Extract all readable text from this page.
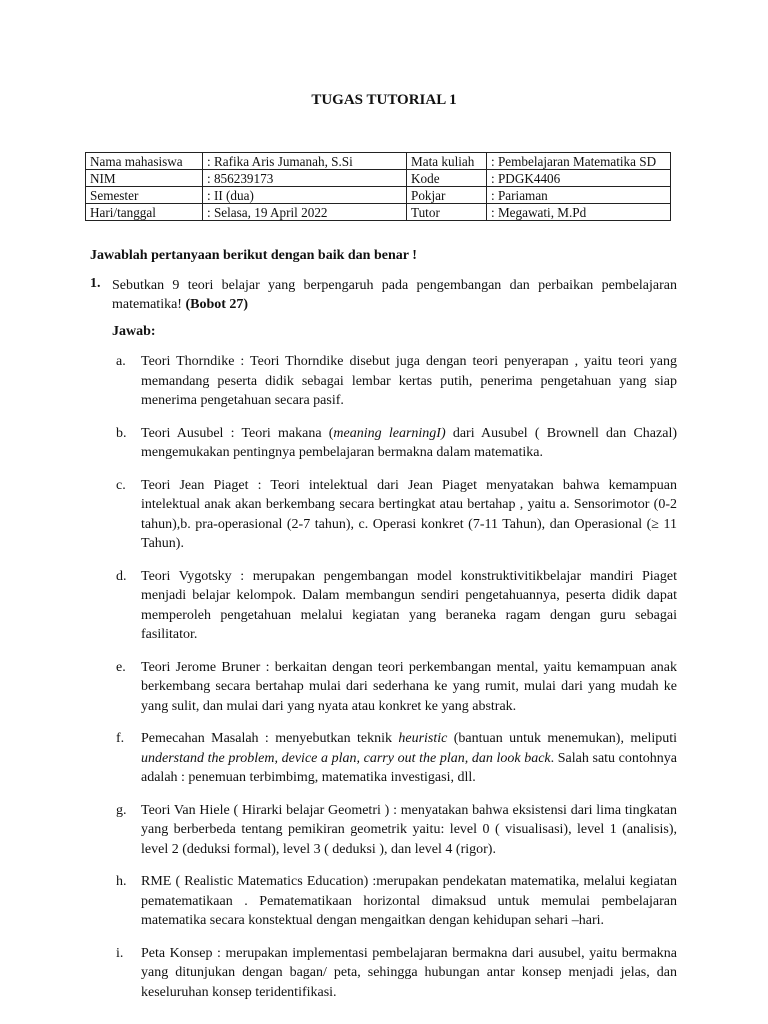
TUGAS TUTORIAL 1
Nama mahasiswa	: Rafika Aris Jumanah, S.Si	Mata kuliah	: Pembelajaran Matematika SD
NIM	: 856239173	Kode	: PDGK4406
Semester	: II (dua)	Pokjar	: Pariaman
Hari/tanggal	: Selasa, 19 April 2022	Tutor	: Megawati, M.Pd
Jawablah pertanyaan berikut dengan baik dan benar !
1. Sebutkan 9 teori belajar yang berpengaruh pada pengembangan dan perbaikan pembelajaran matematika! (Bobot 27)
Jawab:
a. Teori Thorndike : Teori Thorndike disebut juga dengan teori penyerapan , yaitu teori yang memandang peserta didik sebagai lembar kertas putih, penerima pengetahuan yang siap menerima pengetahuan secara pasif.
b. Teori Ausubel : Teori makana (meaning learningI) dari Ausubel ( Brownell dan Chazal) mengemukakan pentingnya pembelajaran bermakna dalam matematika.
c. Teori Jean Piaget : Teori intelektual dari Jean Piaget menyatakan bahwa kemampuan intelektual anak akan berkembang secara bertingkat atau bertahap , yaitu a. Sensorimotor (0-2 tahun),b. pra-operasional (2-7 tahun), c. Operasi konkret (7-11 Tahun), dan Operasional (≥ 11 Tahun).
d. Teori Vygotsky : merupakan pengembangan model konstruktivitikbelajar mandiri Piaget menjadi belajar kelompok. Dalam membangun sendiri pengetahuannya, peserta didik dapat memperoleh pengetahuan melalui kegiatan yang beraneka ragam dengan guru sebagai fasilitator.
e. Teori Jerome Bruner : berkaitan dengan teori perkembangan mental, yaitu kemampuan anak berkembang secara bertahap mulai dari sederhana ke yang rumit, mulai dari yang mudah ke yang sulit, dan mulai dari yang nyata atau konkret ke yang abstrak.
f. Pemecahan Masalah : menyebutkan teknik heuristic (bantuan untuk menemukan), meliputi understand the problem, device a plan, carry out the plan, dan look back. Salah satu contohnya adalah : penemuan terbimbimg, matematika investigasi, dll.
g. Teori Van Hiele ( Hirarki belajar Geometri ) : menyatakan bahwa eksistensi dari lima tingkatan yang berberbeda tentang pemikiran geometrik yaitu: level 0 ( visualisasi), level 1 (analisis), level 2 (deduksi formal), level 3 ( deduksi ), dan level 4 (rigor).
h. RME ( Realistic Matematics Education) :merupakan pendekatan matematika, melalui kegiatan pematematikaan . Pematematikaan horizontal dimaksud untuk memulai pembelajaran matematika secara konstektual dengan mengaitkan dengan kehidupan sehari –hari.
i. Peta Konsep : merupakan implementasi pembelajaran bermakna dari ausubel, yaitu bermakna yang ditunjukan dengan bagan/ peta, sehingga hubungan antar konsep menjadi jelas, dan keseluruhan konsep teridentifikasi.
